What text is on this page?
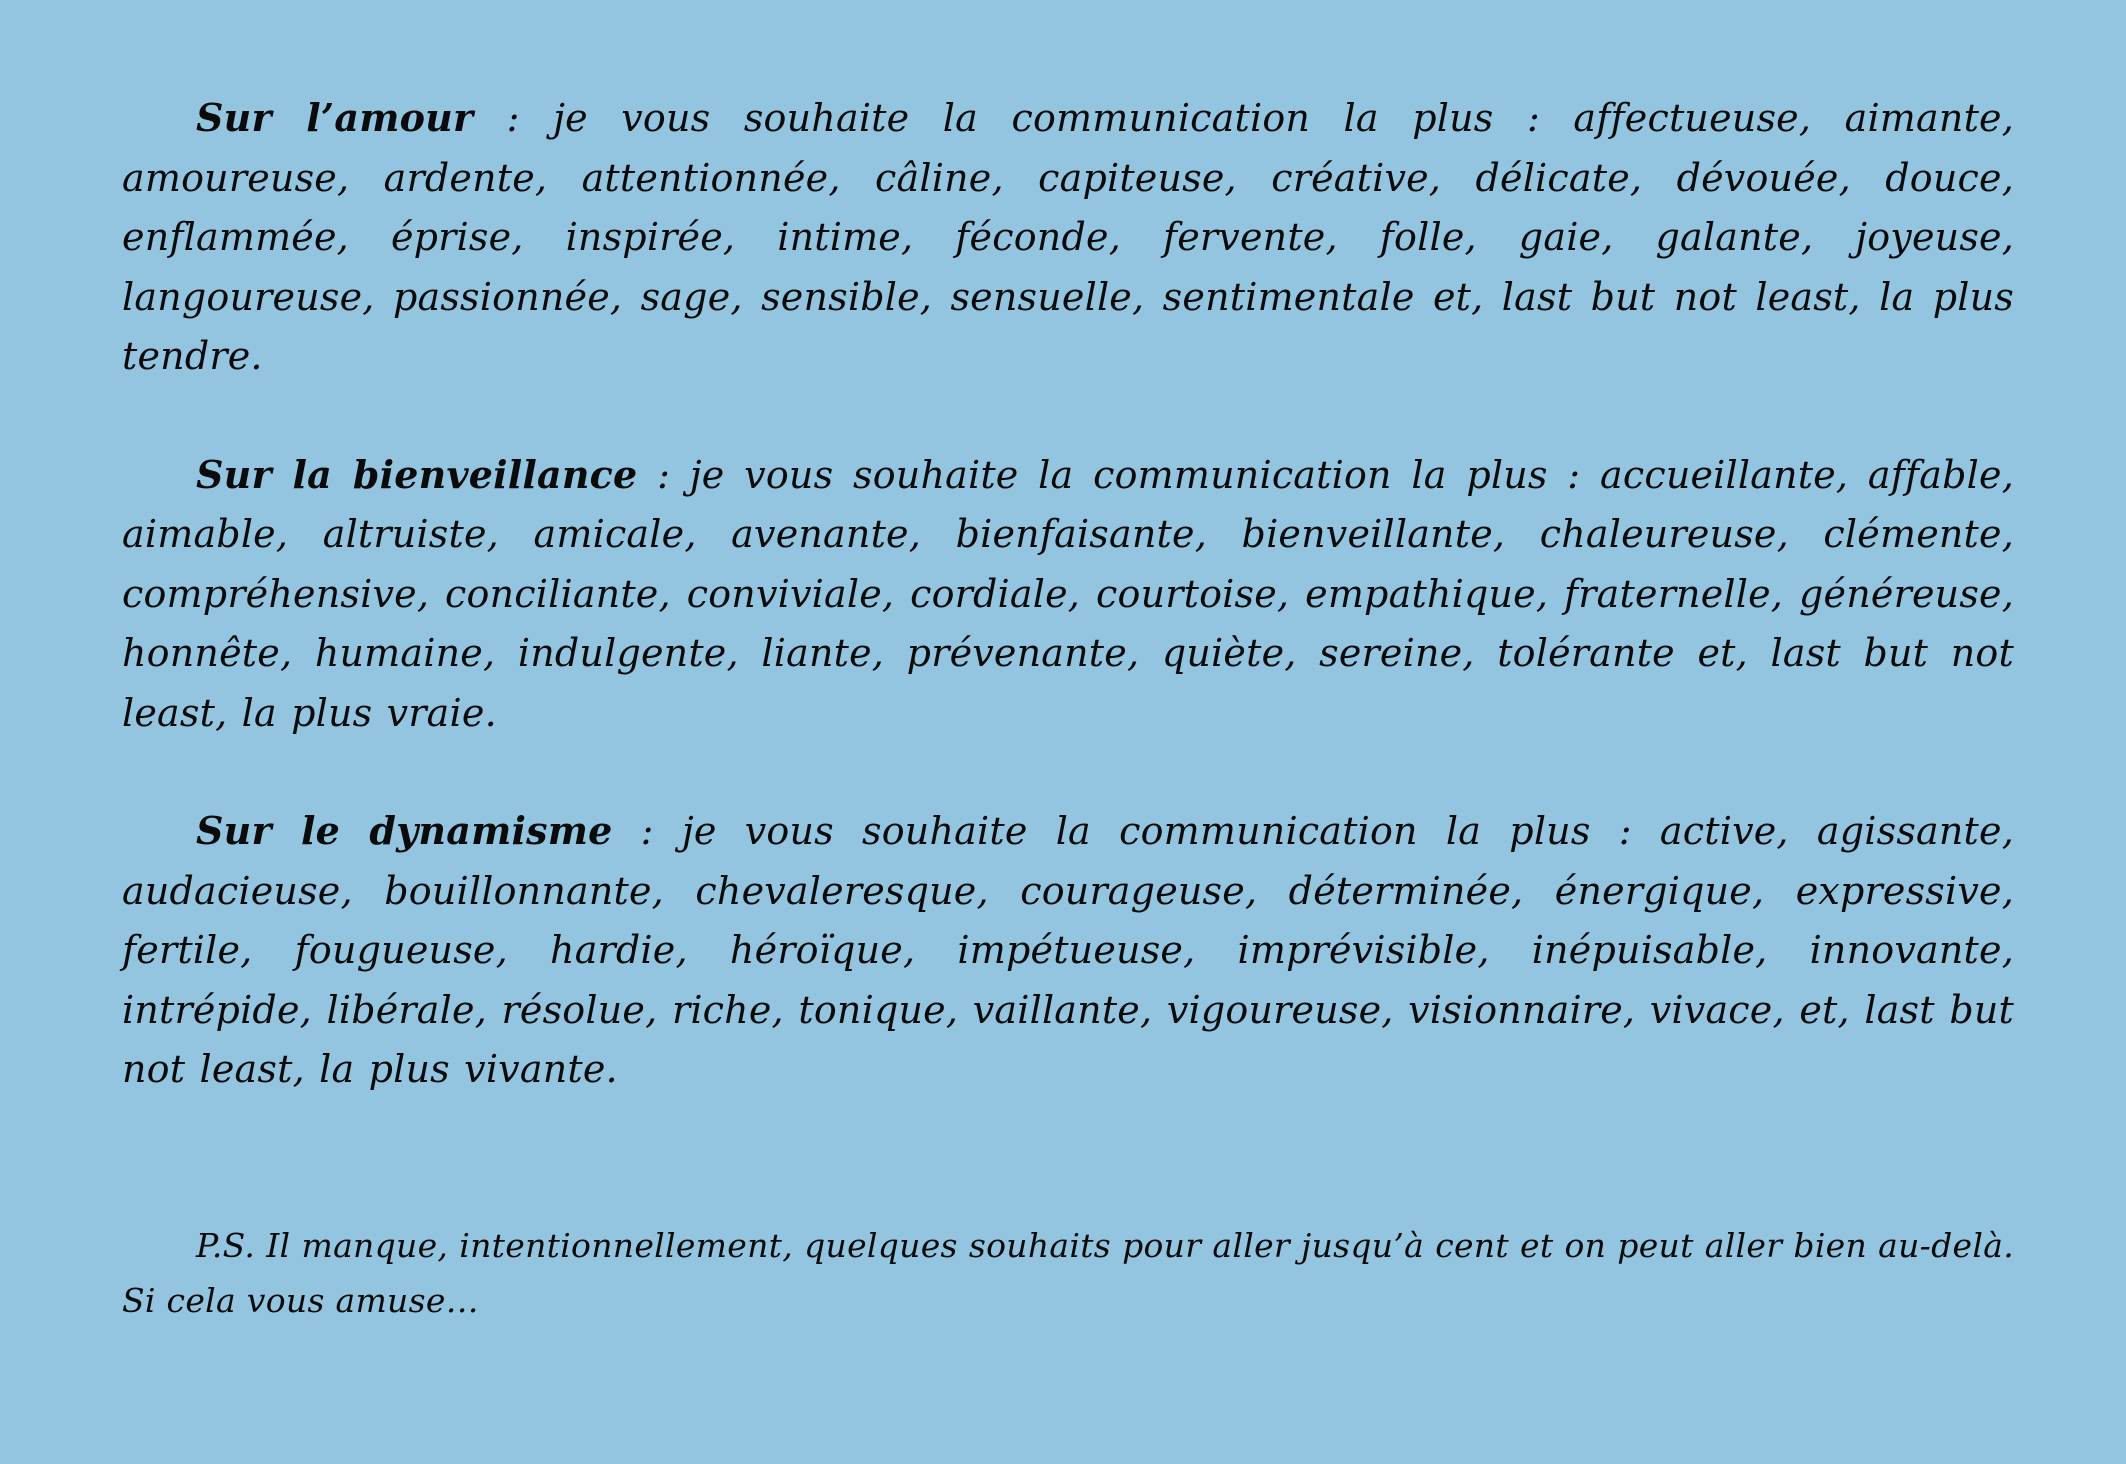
Sur l’amour : je vous souhaite la communication la plus : affectueuse, aimante, amoureuse, ardente, attentionnée, câline, capiteuse, créative, délicate, dévouée, douce, enflammée, éprise, inspirée, intime, féconde, fervente, folle, gaie, galante, joyeuse, langoureuse, passionnée, sage, sensible, sensuelle, sentimentale et, last but not least, la plus tendre.

Sur la bienveillance : je vous souhaite la communication la plus : accueillante, affable, aimable, altruiste, amicale, avenante, bienfaisante, bienveillante, chaleureuse, clémente, compréhensive, conciliante, conviviale, cordiale, courtoise, empathique, fraternelle, généreuse, honnête, humaine, indulgente, liante, prévenante, quiète, sereine, tolérante et, last but not least, la plus vraie.

Sur le dynamisme : je vous souhaite la communication la plus : active, agissante, audacieuse, bouillonnante, chevaleresque, courageuse, déterminée, énergique, expressive, fertile, fougueuse, hardie, héroïque, impétueuse, imprévisible, inépuisable, innovante, intrépide, libérale, résolue, riche, tonique, vaillante, vigoureuse, visionnaire, vivace, et, last but not least, la plus vivante.

P.S. Il manque, intentionnellement, quelques souhaits pour aller jusqu’à cent et on peut aller bien au-delà. Si cela vous amuse…
